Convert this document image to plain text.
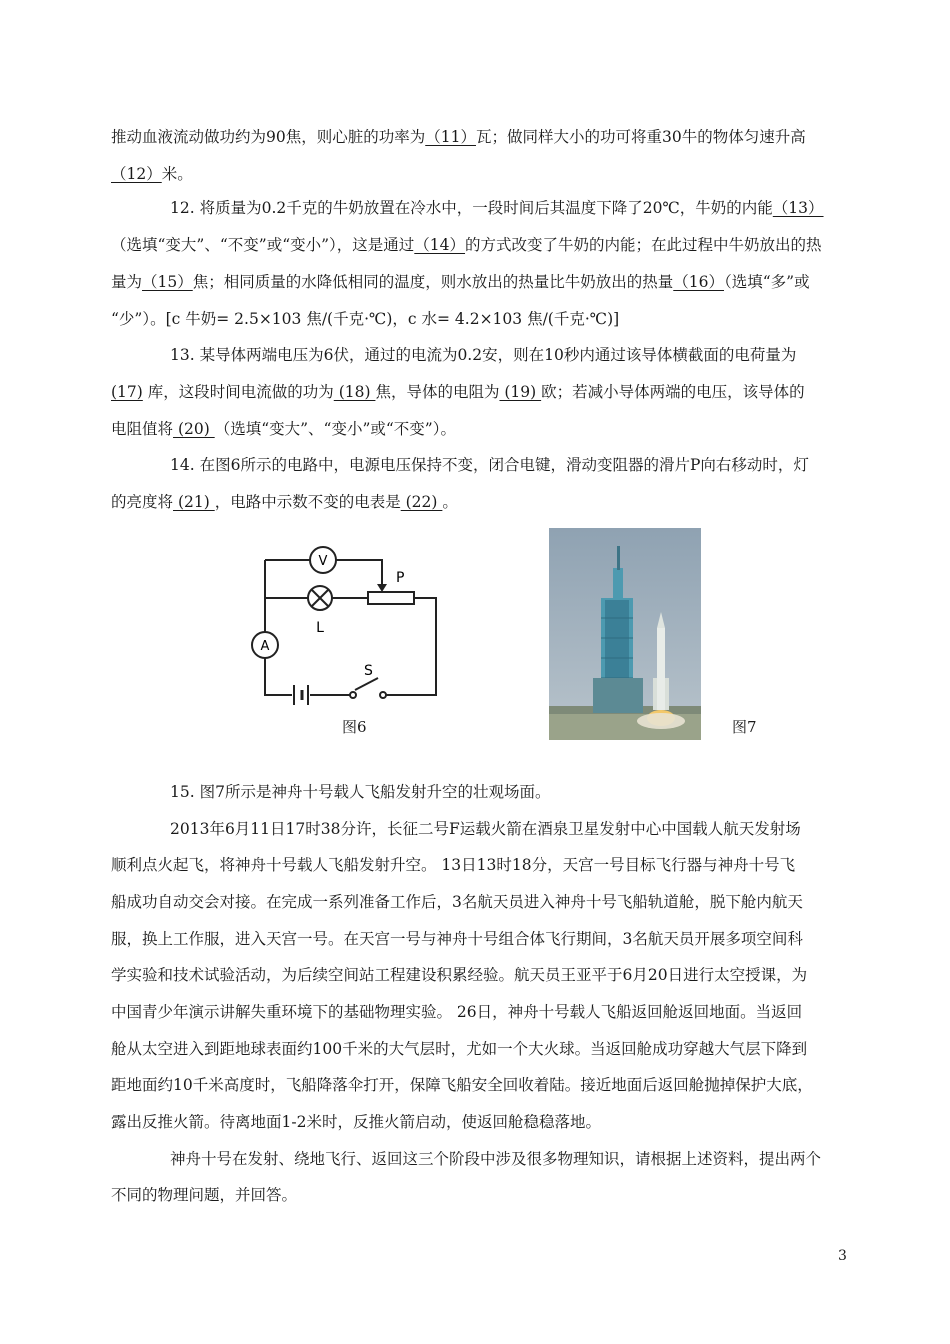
推动血液流动做功约为90焦，则心脏的功率为（11）瓦；做同样大小的功可将重30牛的物体匀速升高
（12）米。
12. 将质量为0.2千克的牛奶放置在冷水中，一段时间后其温度下降了20℃，牛奶的内能（13）
（选填“变大”、“不变”或“变小”），这是通过（14）的方式改变了牛奶的内能；在此过程中牛奶放出的热
量为（15）焦；相同质量的水降低相同的温度，则水放出的热量比牛奶放出的热量（16）（选填“多”或
“少”）。[c 牛奶= 2.5×103 焦/(千克·℃)，c 水= 4.2×103 焦/(千克·℃)]
13. 某导体两端电压为6伏，通过的电流为0.2安，则在10秒内通过该导体横截面的电荷量为
(17) 库，这段时间电流做的功为 (18) 焦，导体的电阻为 (19) 欧；若减小导体两端的电压，该导体的
电阻值将 (20) （选填“变大”、“变小”或“不变”）。
14. 在图6所示的电路中，电源电压保持不变，闭合电键，滑动变阻器的滑片P向右移动时，灯
的亮度将 (21) ，电路中示数不变的电表是 (22) 。
15. 图7所示是神舟十号载人飞船发射升空的壮观场面。
2013年6月11日17时38分许，长征二号F运载火箭在酒泉卫星发射中心中国载人航天发射场
顺利点火起飞，将神舟十号载人飞船发射升空。 13日13时18分，天宫一号目标飞行器与神舟十号飞
船成功自动交会对接。在完成一系列准备工作后，3名航天员进入神舟十号飞船轨道舱，脱下舱内航天
服，换上工作服，进入天宫一号。在天宫一号与神舟十号组合体飞行期间，3名航天员开展多项空间科
学实验和技术试验活动，为后续空间站工程建设积累经验。航天员王亚平于6月20日进行太空授课，为
中国青少年演示讲解失重环境下的基础物理实验。 26日，神舟十号载人飞船返回舱返回地面。当返回
舱从太空进入到距地球表面约100千米的大气层时，尤如一个大火球。当返回舱成功穿越大气层下降到
距地面约10千米高度时，飞船降落伞打开，保障飞船安全回收着陆。接近地面后返回舱抛掉保护大底，
露出反推火箭。待离地面1-2米时，反推火箭启动，使返回舱稳稳落地。
神舟十号在发射、绕地飞行、返回这三个阶段中涉及很多物理知识，请根据上述资料，提出两个
不同的物理问题，并回答。
V
L
P
A
S
图6	图7
3
